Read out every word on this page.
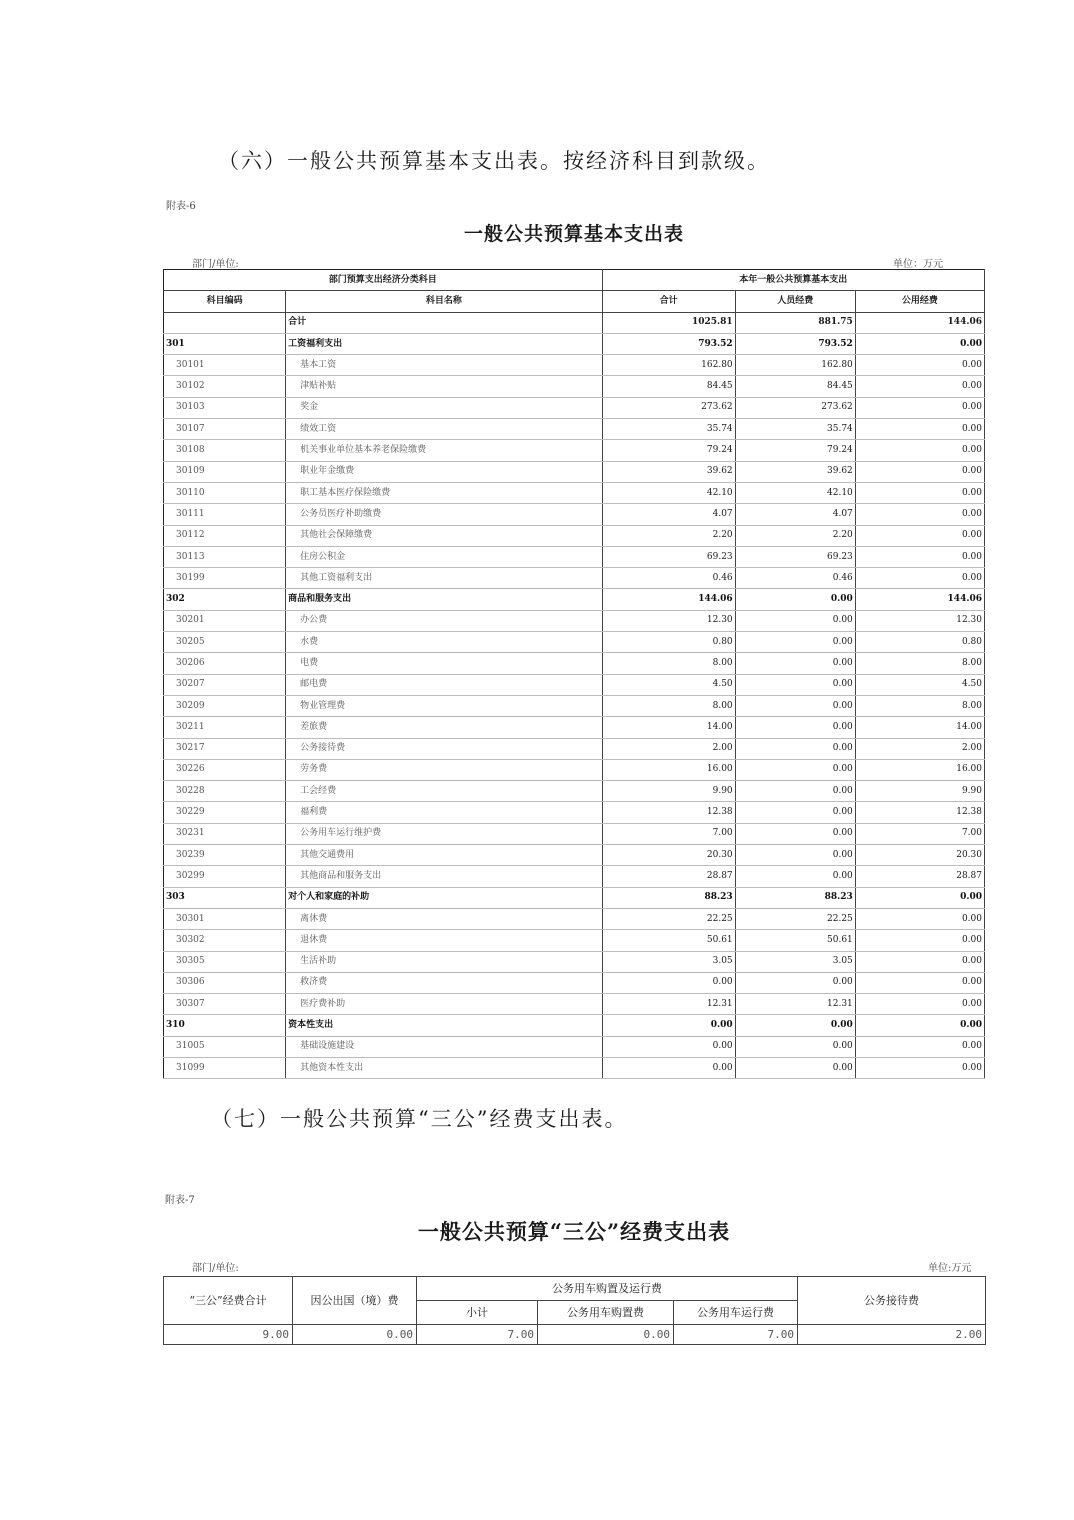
（六）一般公共预算基本支出表。按经济科目到款级。
附表-6
一般公共预算基本支出表
部门/单位:	单位：万元
部门预算支出经济分类科目		本年一般公共预算基本支出		
科目编码	科目名称	合计	人员经费	公用经费
	合计	1025.81	881.75	144.06
301	工资福利支出	793.52	793.52	0.00
30101	基本工资	162.80	162.80	0.00
30102	津贴补贴	84.45	84.45	0.00
30103	奖金	273.62	273.62	0.00
30107	绩效工资	35.74	35.74	0.00
30108	机关事业单位基本养老保险缴费	79.24	79.24	0.00
30109	职业年金缴费	39.62	39.62	0.00
30110	职工基本医疗保险缴费	42.10	42.10	0.00
30111	公务员医疗补助缴费	4.07	4.07	0.00
30112	其他社会保障缴费	2.20	2.20	0.00
30113	住房公积金	69.23	69.23	0.00
30199	其他工资福利支出	0.46	0.46	0.00
302	商品和服务支出	144.06	0.00	144.06
30201	办公费	12.30	0.00	12.30
30205	水费	0.80	0.00	0.80
30206	电费	8.00	0.00	8.00
30207	邮电费	4.50	0.00	4.50
30209	物业管理费	8.00	0.00	8.00
30211	差旅费	14.00	0.00	14.00
30217	公务接待费	2.00	0.00	2.00
30226	劳务费	16.00	0.00	16.00
30228	工会经费	9.90	0.00	9.90
30229	福利费	12.38	0.00	12.38
30231	公务用车运行维护费	7.00	0.00	7.00
30239	其他交通费用	20.30	0.00	20.30
30299	其他商品和服务支出	28.87	0.00	28.87
303	对个人和家庭的补助	88.23	88.23	0.00
30301	离休费	22.25	22.25	0.00
30302	退休费	50.61	50.61	0.00
30305	生活补助	3.05	3.05	0.00
30306	救济费	0.00	0.00	0.00
30307	医疗费补助	12.31	12.31	0.00
310	资本性支出	0.00	0.00	0.00
31005	基础设施建设	0.00	0.00	0.00
31099	其他资本性支出	0.00	0.00	0.00
（七）一般公共预算“三公”经费支出表。
附表-7
一般公共预算“三公”经费支出表
部门/单位:	单位:万元
“三公”经费合计	因公出国（境）费	公务用车购置及运行费			公务接待费
		小计	公务用车购置费	公务用车运行费	
9.00	0.00	7.00	0.00	7.00	2.00
